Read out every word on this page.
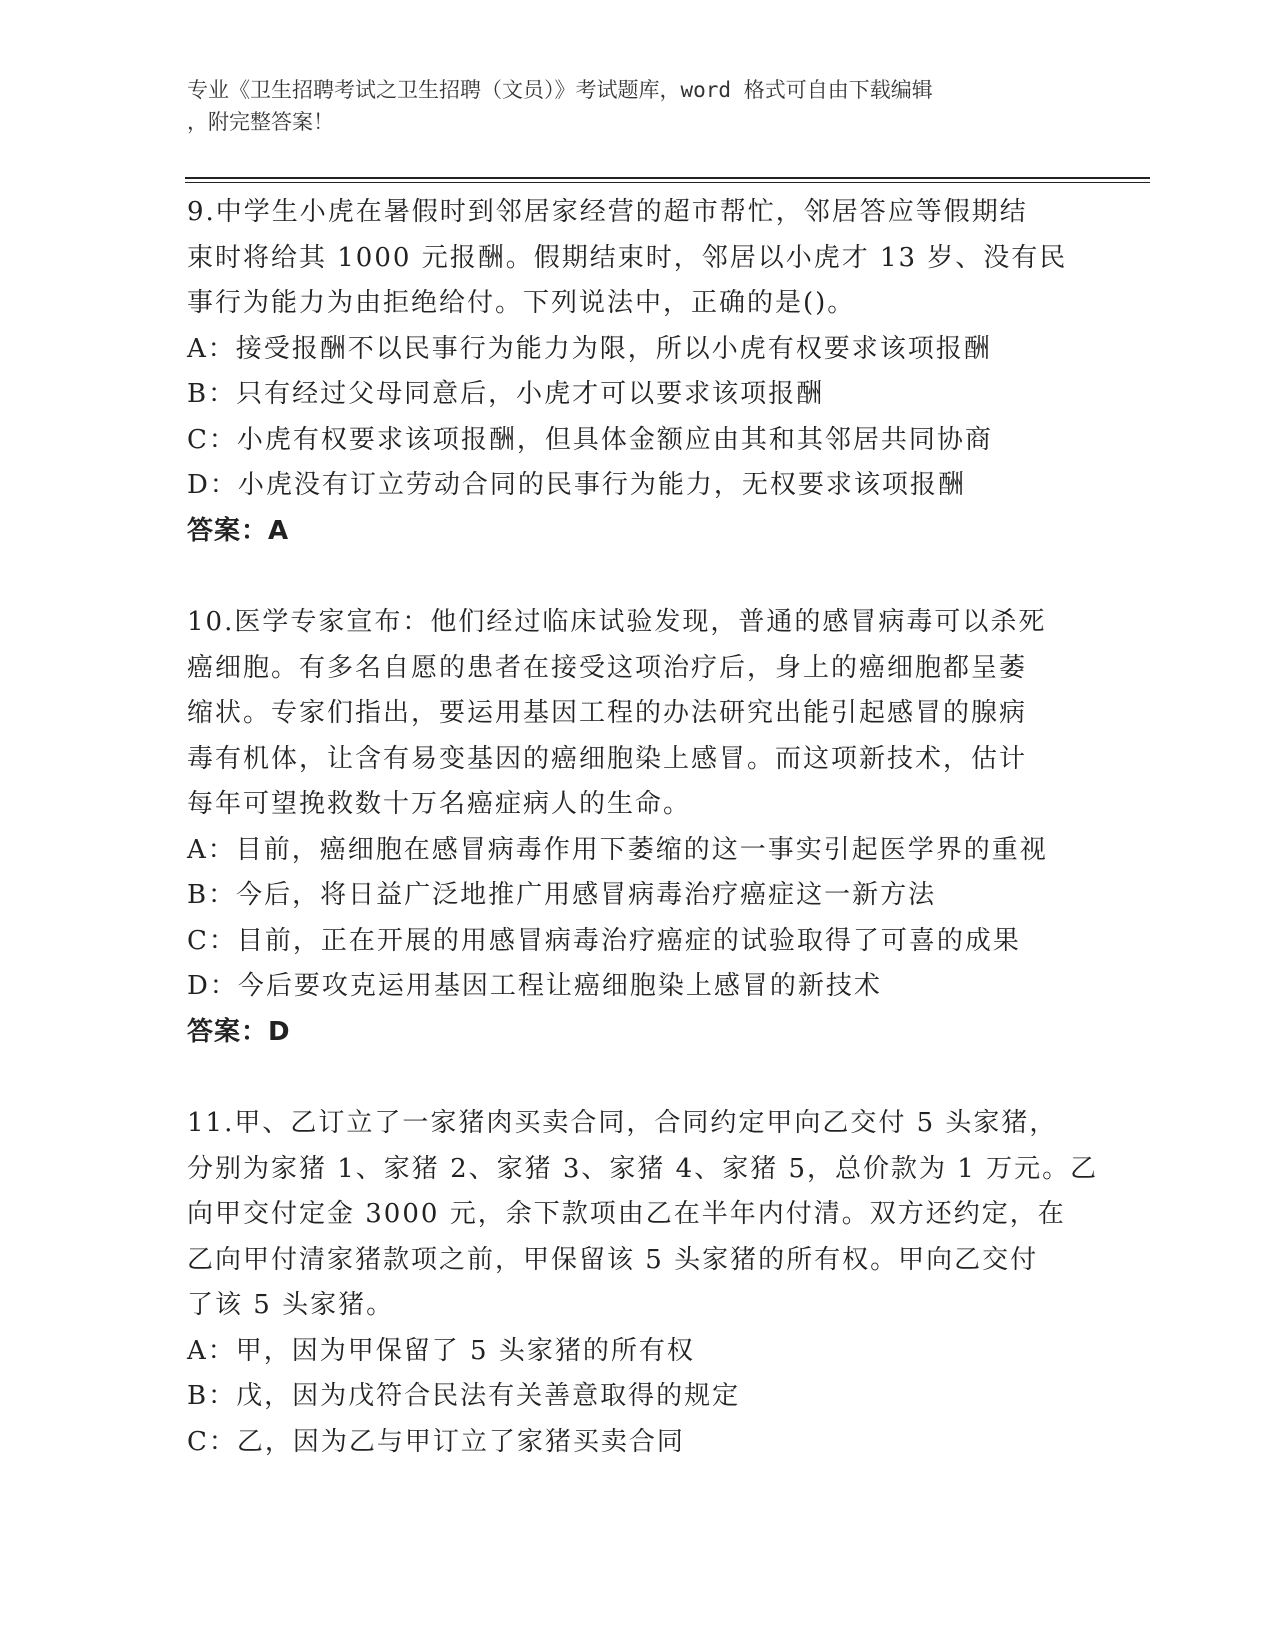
专业《卫生招聘考试之卫生招聘（文员）》考试题库，word 格式可自由下载编辑
，附完整答案！
9.中学生小虎在暑假时到邻居家经营的超市帮忙，邻居答应等假期结
束时将给其 1000 元报酬。假期结束时，邻居以小虎才 13 岁、没有民
事行为能力为由拒绝给付。下列说法中，正确的是()。
A：接受报酬不以民事行为能力为限，所以小虎有权要求该项报酬
B：只有经过父母同意后，小虎才可以要求该项报酬
C：小虎有权要求该项报酬，但具体金额应由其和其邻居共同协商
D：小虎没有订立劳动合同的民事行为能力，无权要求该项报酬
答案：A
10.医学专家宣布：他们经过临床试验发现，普通的感冒病毒可以杀死
癌细胞。有多名自愿的患者在接受这项治疗后，身上的癌细胞都呈萎
缩状。专家们指出，要运用基因工程的办法研究出能引起感冒的腺病
毒有机体，让含有易变基因的癌细胞染上感冒。而这项新技术，估计
每年可望挽救数十万名癌症病人的生命。
A：目前，癌细胞在感冒病毒作用下萎缩的这一事实引起医学界的重视
B：今后，将日益广泛地推广用感冒病毒治疗癌症这一新方法
C：目前，正在开展的用感冒病毒治疗癌症的试验取得了可喜的成果
D：今后要攻克运用基因工程让癌细胞染上感冒的新技术
答案：D
11.甲、乙订立了一家猪肉买卖合同，合同约定甲向乙交付 5 头家猪，
分别为家猪 1、家猪 2、家猪 3、家猪 4、家猪 5，总价款为 1 万元。乙
向甲交付定金 3000 元，余下款项由乙在半年内付清。双方还约定，在
乙向甲付清家猪款项之前，甲保留该 5 头家猪的所有权。甲向乙交付
了该 5 头家猪。
A：甲，因为甲保留了 5 头家猪的所有权
B：戊，因为戊符合民法有关善意取得的规定
C：乙，因为乙与甲订立了家猪买卖合同
